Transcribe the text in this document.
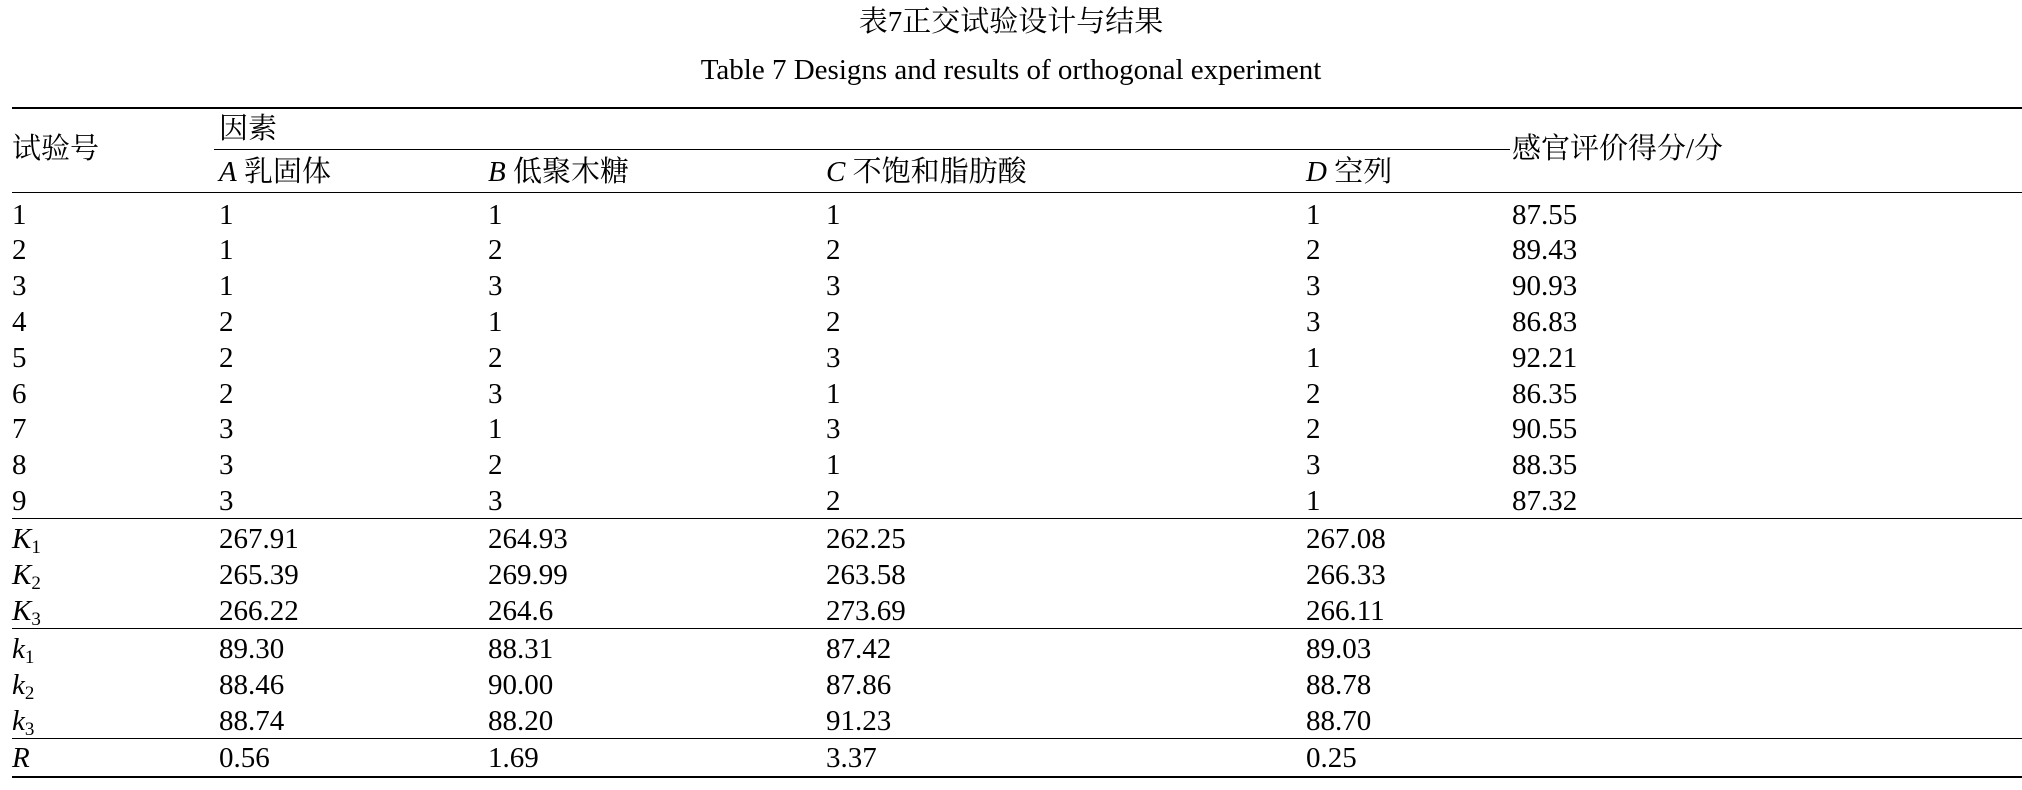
表7正交试验设计与结果
Table 7 Designs and results of orthogonal experiment
试验号
因素
感官评价得分/分
A 乳固体	B 低聚木糖	C 不饱和脂肪酸	D 空列
1	1	1	1	1	87.55
2	1	2	2	2	89.43
3	1	3	3	3	90.93
4	2	1	2	3	86.83
5	2	2	3	1	92.21
6	2	3	1	2	86.35
7	3	1	3	2	90.55
8	3	2	1	3	88.35
9	3	3	2	1	87.32
$K_1$	267.91	264.93	262.25	267.08
$K_2$	265.39	269.99	263.58	266.33
$K_3$	266.22	264.6	273.69	266.11
$k_1$	89.30	88.31	87.42	89.03
$k_2$	88.46	90.00	87.86	88.78
$k_3$	88.74	88.20	91.23	88.70
R	0.56	1.69	3.37	0.25
